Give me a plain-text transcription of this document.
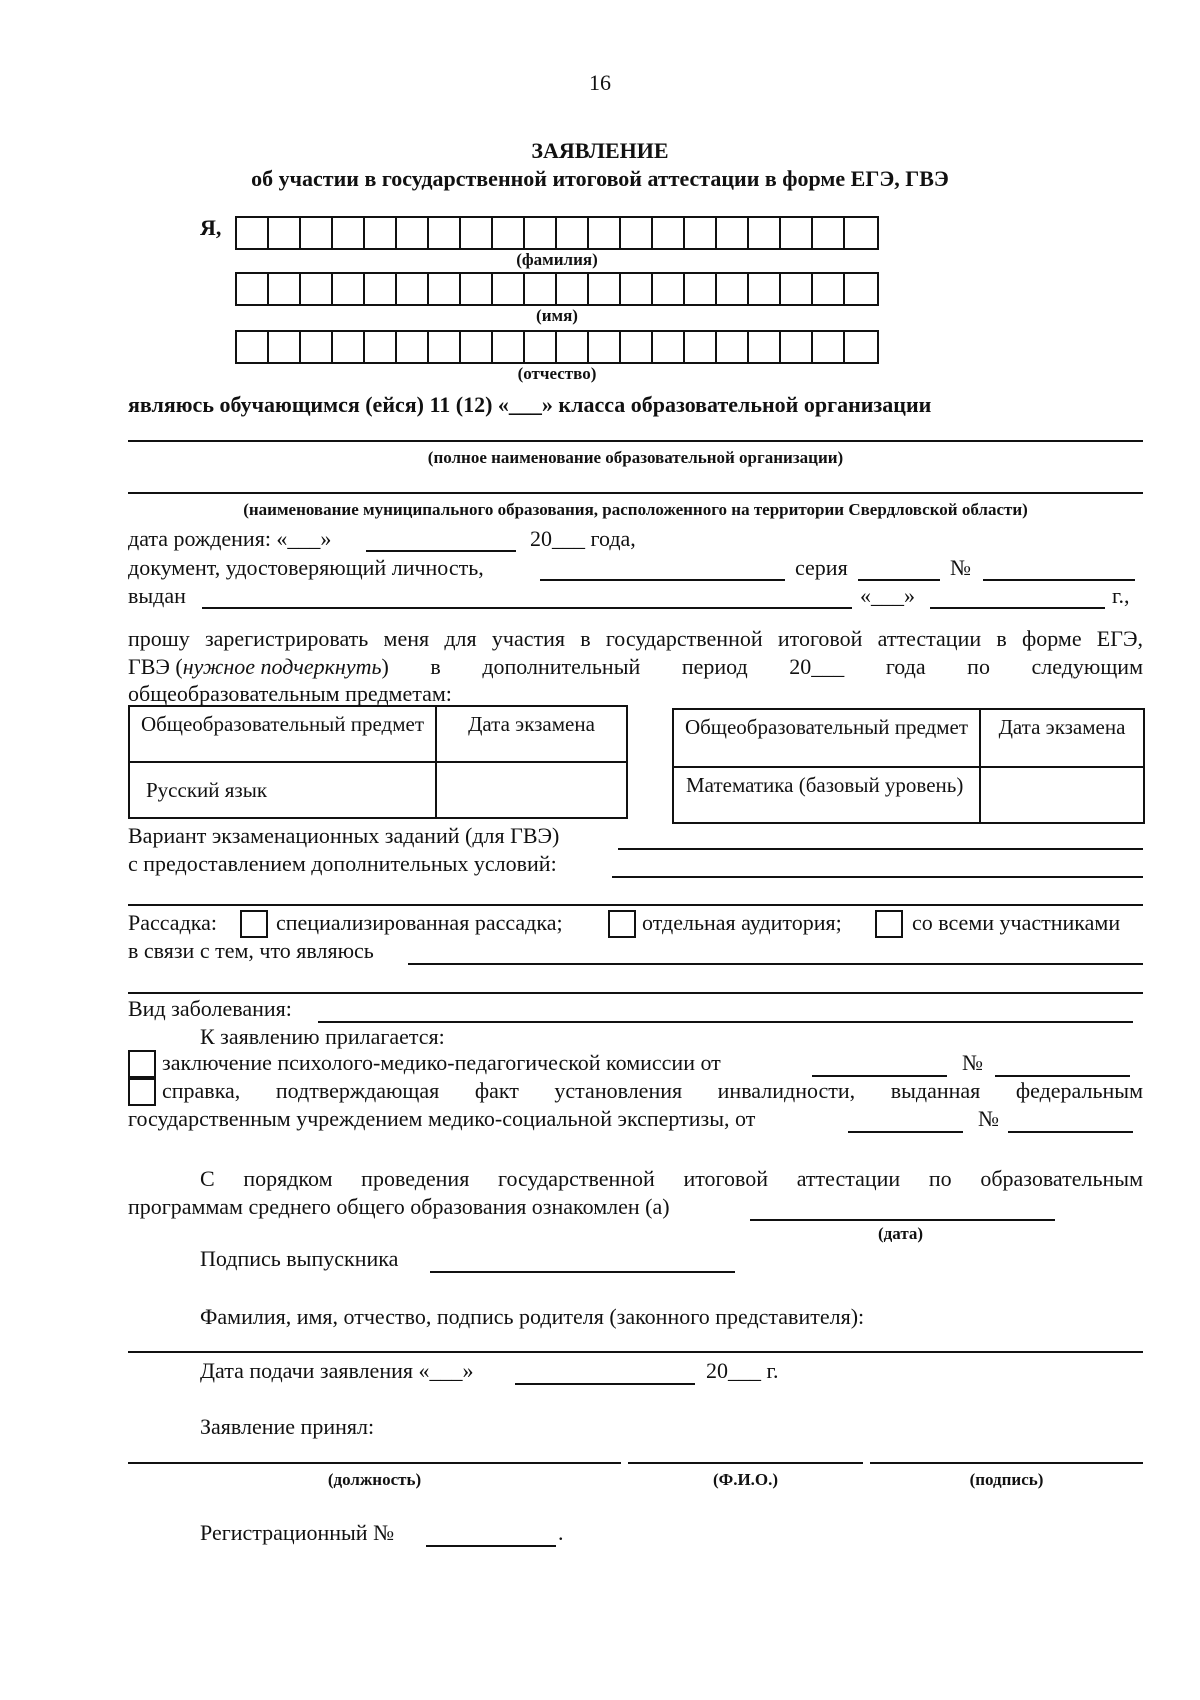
16
ЗАЯВЛЕНИЕ
об участии в государственной итоговой аттестации в форме ЕГЭ, ГВЭ
Я,
(фамилия)
(имя)
(отчество)
являюсь обучающимся (ейся) 11 (12) «___» класса образовательной организации
(полное наименование образовательной организации)
(наименование муниципального образования, расположенного на территории Свердловской области)
дата рождения: «___»	20___ года,
документ, удостоверяющий личность,	серия	№
выдан	«___»	г.,
прошу зарегистрировать меня для участия в государственной итоговой аттестации в форме ЕГЭ,
ГВЭ ( нужное подчеркнуть ) в дополнительный период 20___ года по следующим
общеобразовательным предметам:
Общеобразовательный предмет	Дата экзамена
Русский язык	
Общеобразовательный предмет	Дата экзамена
Математика (базовый уровень)	
Вариант экзаменационных заданий (для ГВЭ)
с предоставлением дополнительных условий:
Рассадка:	специализированная рассадка;	отдельная аудитория;	со всеми участниками
в связи с тем, что являюсь
Вид заболевания:
К заявлению прилагается:
заключение психолого-медико-педагогической комиссии от	№
справка, подтверждающая факт установления инвалидности, выданная федеральным
государственным учреждением медико-социальной экспертизы, от	№
С порядком проведения государственной итоговой аттестации по образовательным
программам среднего общего образования ознакомлен (а)
(дата)
Подпись выпускника
Фамилия, имя, отчество, подпись родителя (законного представителя):
Дата подачи заявления «___»	20___ г.
Заявление принял:
(должность)	(Ф.И.О.)	(подпись)
Регистрационный №	.
